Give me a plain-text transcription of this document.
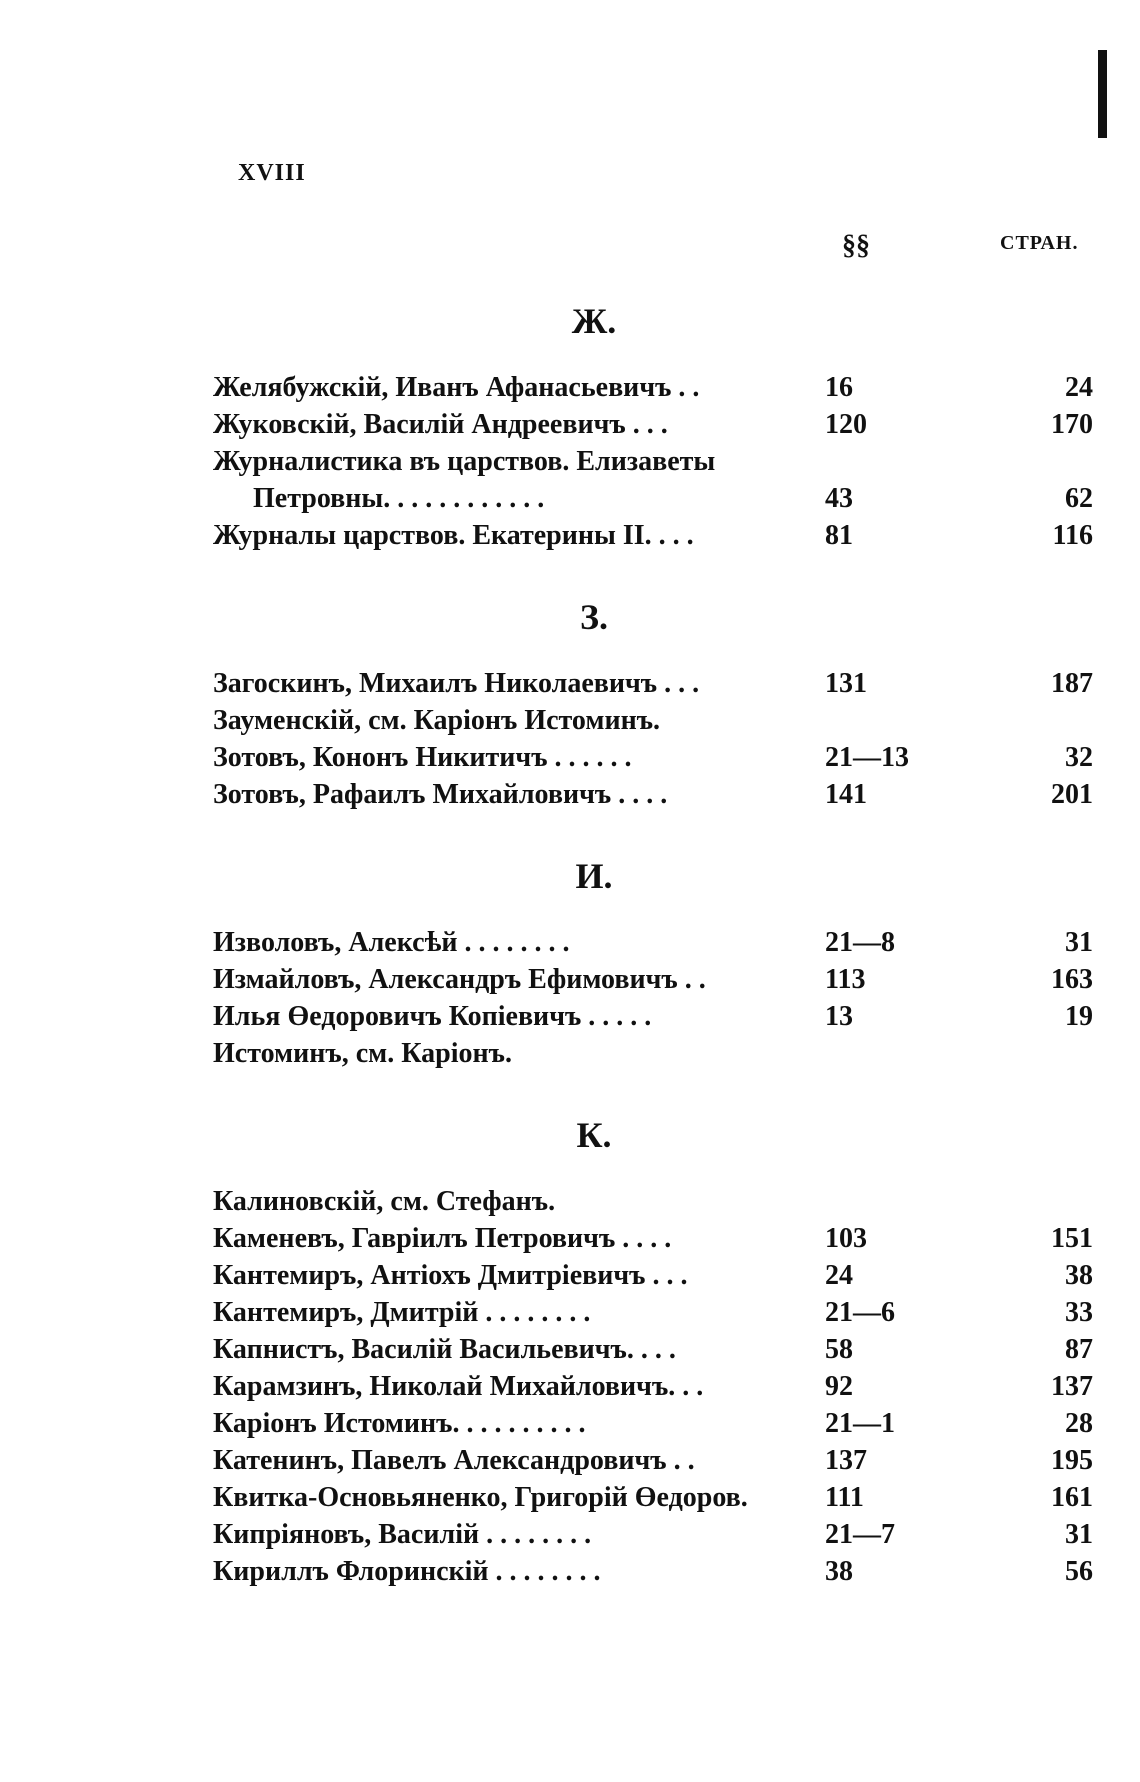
XVIII
§§	СТРАН.
Ж.
Желябужскій, Иванъ Афанасьевичъ . .	16	24
Жуковскій, Василій Андреевичъ . . .	120	170
Журналистика въ царствов. Елизаветы
Петровны. . . . . . . . . . . .	43	62
Журналы царствов. Екатерины II. . . .	81	116
З.
Загоскинъ, Михаилъ Николаевичъ . . .	131	187
Зауменскій, см. Каріонъ Истоминъ.
Зотовъ, Кононъ Никитичъ . . . . . .	21—13	32
Зотовъ, Рафаилъ Михайловичъ . . . .	141	201
И.
Изволовъ, Алексѣй . . . . . . . .	21—8	31
Измайловъ, Александръ Ефимовичъ . .	113	163
Илья Өедоровичъ Копіевичъ . . . . .	13	19
Истоминъ, см. Каріонъ.
К.
Калиновскій, см. Стефанъ.
Каменевъ, Гавріилъ Петровичъ . . . .	103	151
Кантемиръ, Антіохъ Дмитріевичъ . . .	24	38
Кантемиръ, Дмитрій . . . . . . . .	21—6	33
Капнистъ, Василій Васильевичъ. . . .	58	87
Карамзинъ, Николай Михайловичъ. . .	92	137
Каріонъ Истоминъ. . . . . . . . . .	21—1	28
Катенинъ, Павелъ Александровичъ . .	137	195
Квитка-Основьяненко, Григорій Өедоров.	111	161
Кипріяновъ, Василій . . . . . . . .	21—7	31
Кириллъ Флоринскій . . . . . . . .	38	56
